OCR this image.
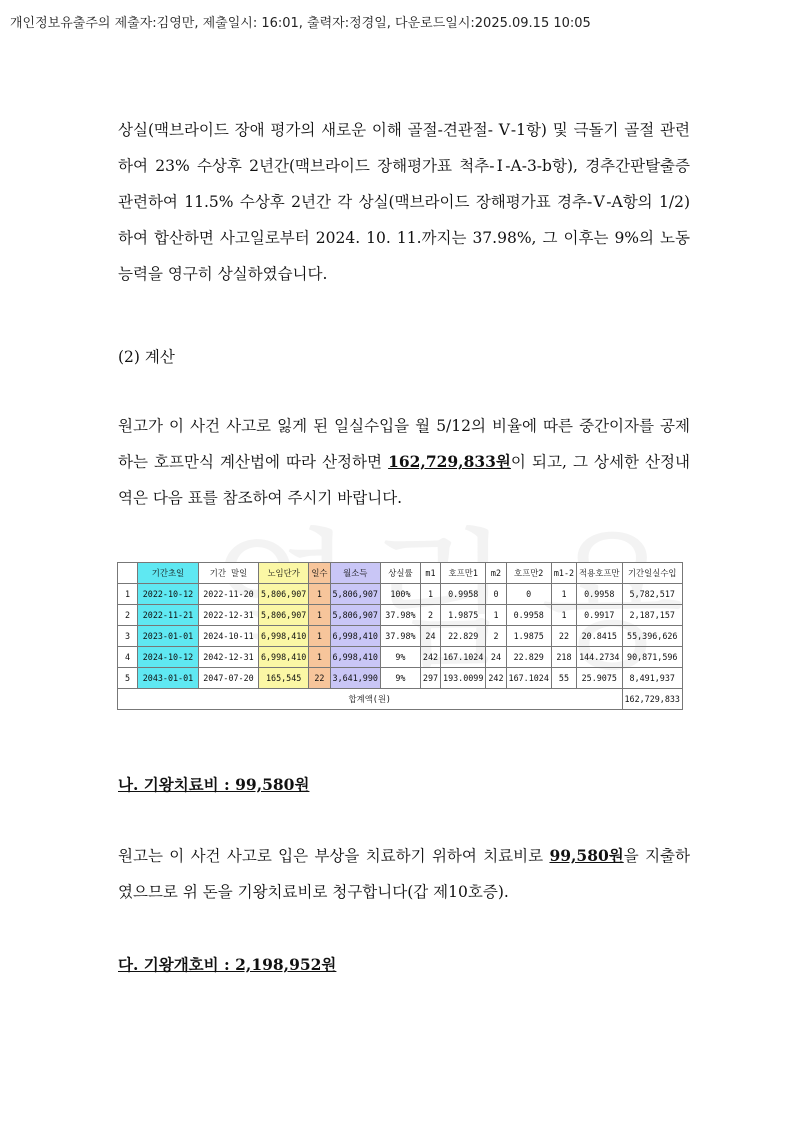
개인정보유출주의 제출자:김영만, 제출일시: 16:01, 출력자:정경일, 다운로드일시:2025.09.15 10:05

상실(맥브라이드 장애 평가의 새로운 이해 골절-견관절- Ⅴ-1항) 및 극돌기 골절 관련하여 23% 수상후 2년간(맥브라이드 장해평가표 척추-Ⅰ-A-3-b항), 경추간판탈출증 관련하여 11.5% 수상후 2년간 각 상실(맥브라이드 장해평가표 경추-Ⅴ-A항의 1/2)하여 합산하면 사고일로부터 2024. 10. 11.까지는 37.98%, 그 이후는 9%의 노동능력을 영구히 상실하였습니다.

(2) 계산

원고가 이 사건 사고로 잃게 된 일실수입을 월 5/12의 비율에 따른 중간이자를 공제하는 호프만식 계산법에 따라 산정하면 162,729,833원이 되고, 그 상세한 산정내역은 다음 표를 참조하여 주시기 바랍니다.

	기간초일	기간 말일	노임단가	일수	월소득	상실률	m1	호프만1	m2	호프만2	m1-2	적용호프만	기간일실수입
1	2022-10-12	2022-11-20	5,806,907	1	5,806,907	100%	1	0.9958	0	0	1	0.9958	5,782,517
2	2022-11-21	2022-12-31	5,806,907	1	5,806,907	37.98%	2	1.9875	1	0.9958	1	0.9917	2,187,157
3	2023-01-01	2024-10-11	6,998,410	1	6,998,410	37.98%	24	22.829	2	1.9875	22	20.8415	55,396,626
4	2024-10-12	2042-12-31	6,998,410	1	6,998,410	9%	242	167.1024	24	22.829	218	144.2734	90,871,596
5	2043-01-01	2047-07-20	165,545	22	3,641,990	9%	297	193.0099	242	167.1024	55	25.9075	8,491,937
합계액(원)													162,729,833

나. 기왕치료비 : 99,580원

원고는 이 사건 사고로 입은 부상을 치료하기 위하여 치료비로 99,580원을 지출하였으므로 위 돈을 기왕치료비로 청구합니다(갑 제10호증).

다. 기왕개호비 : 2,198,952원
